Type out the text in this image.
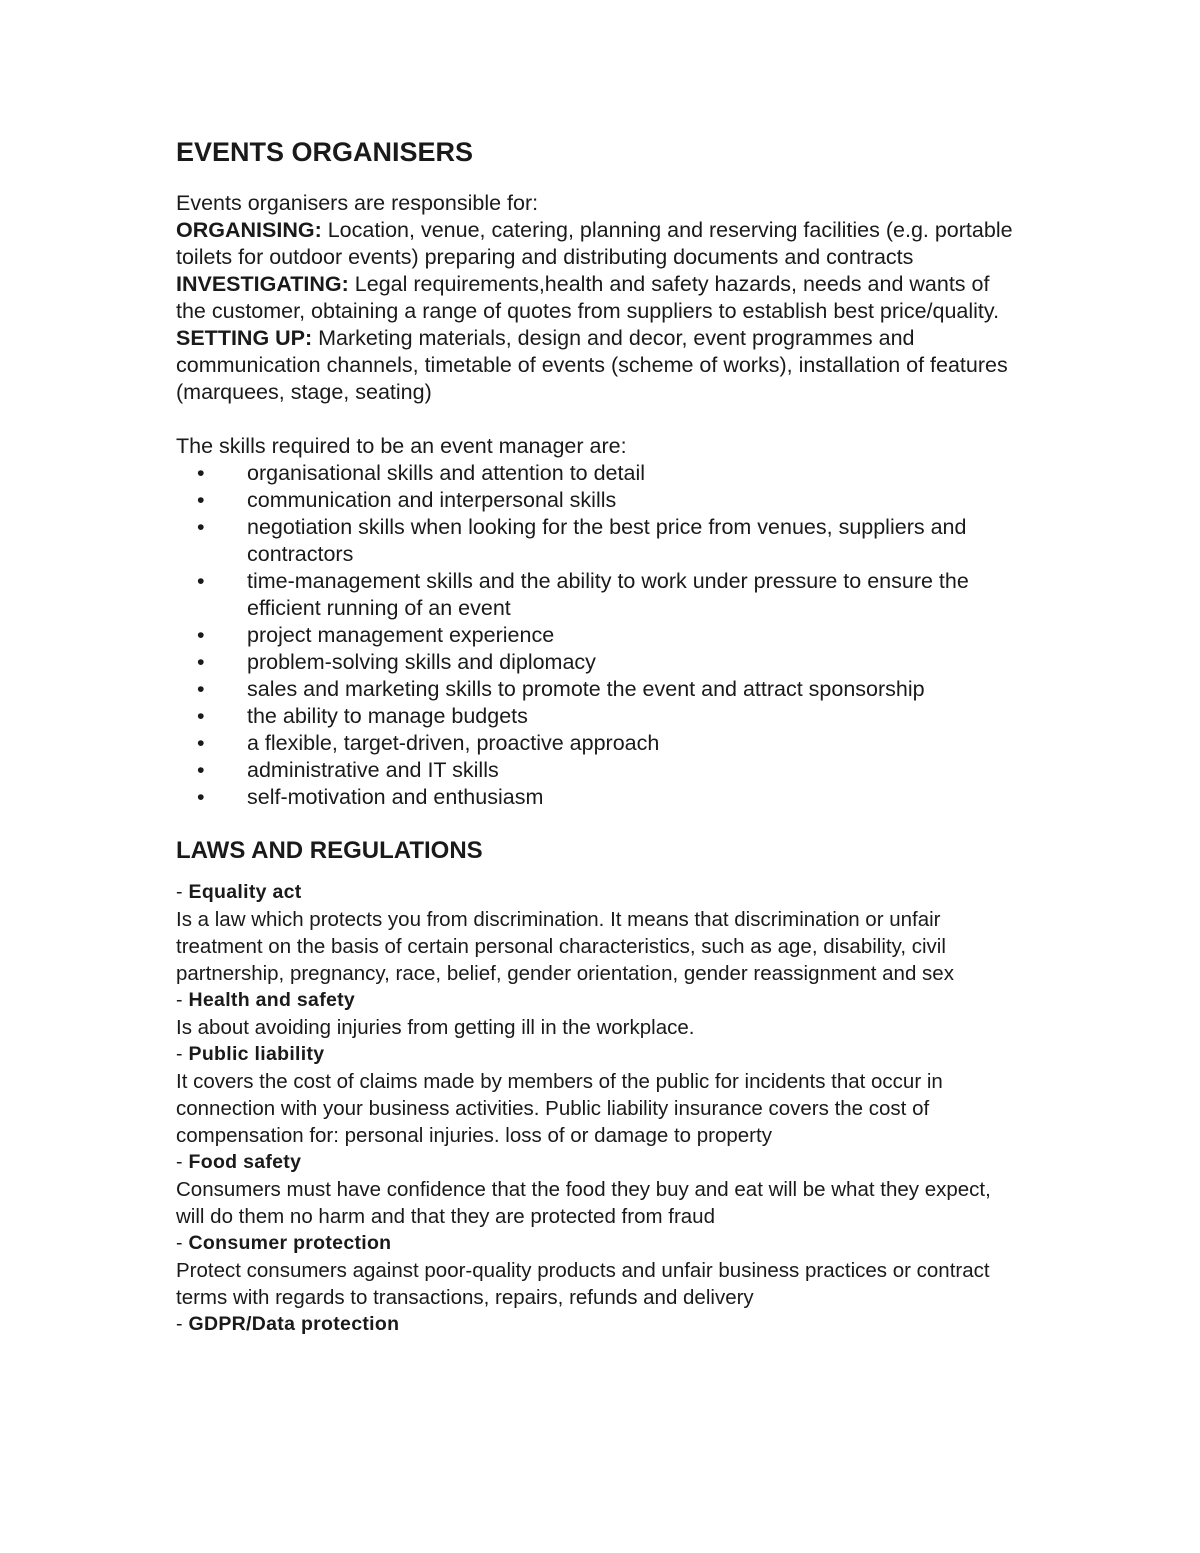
EVENTS ORGANISERS

Events organisers are responsible for:

ORGANISING: Location, venue, catering, planning and reserving facilities (e.g. portable toilets for outdoor events) preparing and distributing documents and contracts

INVESTIGATING: Legal requirements,health and safety hazards, needs and wants of the customer, obtaining a range of quotes from suppliers to establish best price/quality.

SETTING UP: Marketing materials, design and decor, event programmes and communication channels, timetable of events (scheme of works), installation of features (marquees, stage, seating)

The skills required to be an event manager are:

• organisational skills and attention to detail
• communication and interpersonal skills
• negotiation skills when looking for the best price from venues, suppliers and contractors
• time-management skills and the ability to work under pressure to ensure the efficient running of an event
• project management experience
• problem-solving skills and diplomacy
• sales and marketing skills to promote the event and attract sponsorship
• the ability to manage budgets
• a flexible, target-driven, proactive approach
• administrative and IT skills
• self-motivation and enthusiasm
LAWS AND REGULATIONS
- Equality act
Is a law which protects you from discrimination. It means that discrimination or unfair treatment on the basis of certain personal characteristics, such as age, disability, civil partnership, pregnancy, race, belief, gender orientation, gender reassignment and sex
- Health and safety
Is about avoiding injuries from getting ill in the workplace.
- Public liability
It covers the cost of claims made by members of the public for incidents that occur in connection with your business activities. Public liability insurance covers the cost of compensation for: personal injuries. loss of or damage to property
- Food safety
Consumers must have confidence that the food they buy and eat will be what they expect, will do them no harm and that they are protected from fraud
- Consumer protection
Protect consumers against poor-quality products and unfair business practices or contract terms with regards to transactions, repairs, refunds and delivery
- GDPR/Data protection
